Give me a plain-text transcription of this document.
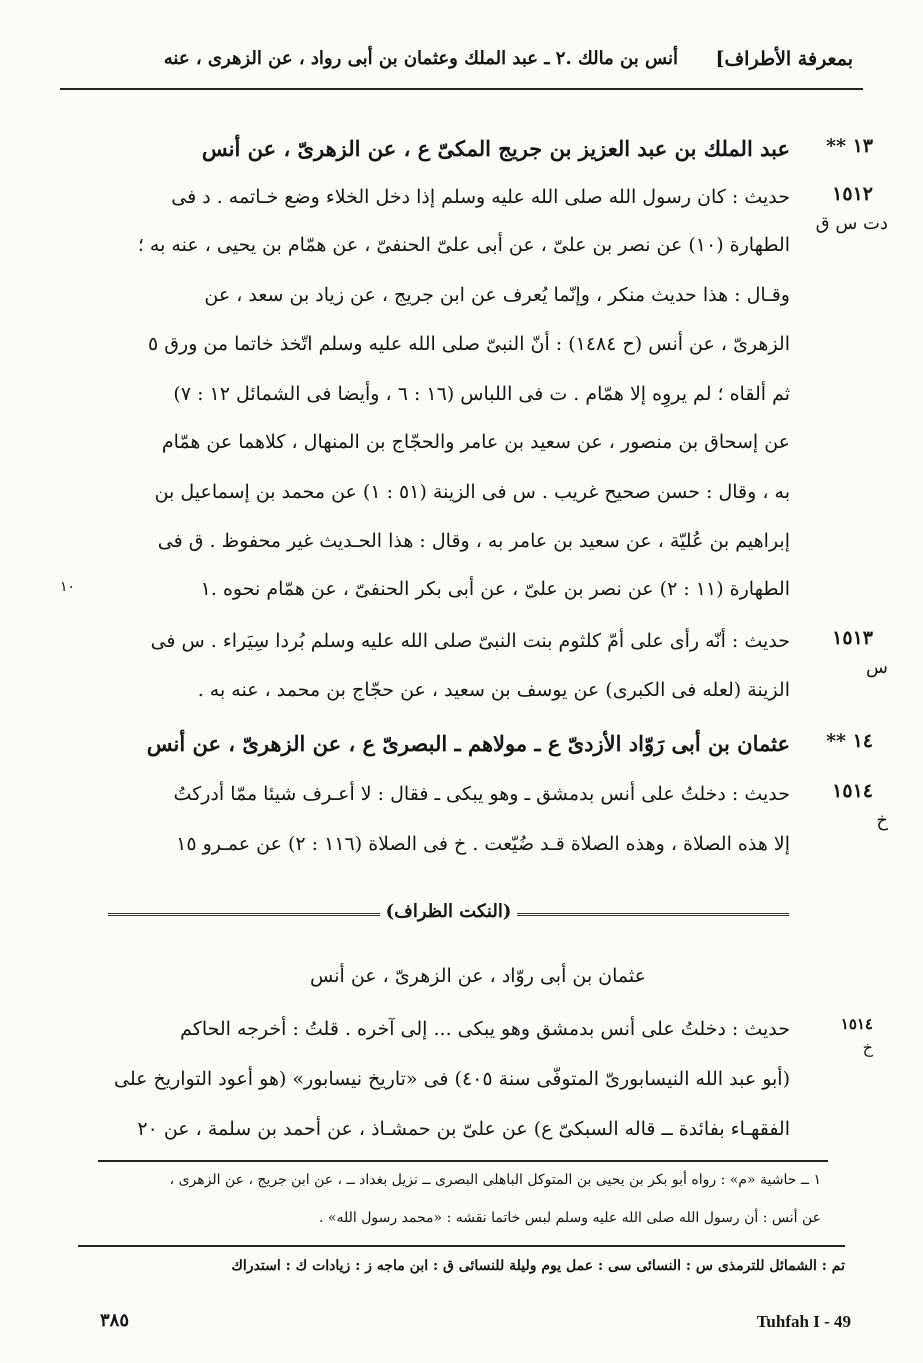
بمعرفة الأطراف]
أنس بن مالك .٢ ـ عبد الملك وعثمان بن أبى رواد ، عن الزهرى ، عنه
١٣ **
عبد الملك بن عبد العزيز بن جريج المكىّ ع ، عن الزهرىّ ، عن أنس
١٥١٢
دت س ق
حديث : كان رسول الله صلى الله عليه وسلم إذا دخل الخلاء وضع خـاتمه . د فى
الطهارة (١٠) عن نصر بن علىّ ، عن أبى علىّ الحنفىّ ، عن همّام بن يحيى ، عنه به ؛
وقـال : هذا حديث منكر ، وإنّما يُعرف عن ابن جريج ، عن زياد بن سعد ، عن
الزهرىّ ، عن أنس (ح ١٤٨٤) : أنّ النبىّ صلى الله عليه وسلم اتّخذ خاتما من ورق ٥
ثم ألقاه ؛ لم يروِه إلا همّام . ت فى اللباس (١٦ : ٦ ، وأيضا فى الشمائل ١٢ : ٧)
عن إسحاق بن منصور ، عن سعيد بن عامر والحجّاج بن المنهال ، كلاهما عن همّام
به ، وقال : حسن صحيح غريب . س فى الزينة (٥١ : ١) عن محمد بن إسماعيل بن
إبراهيم بن عُليّة ، عن سعيد بن عامر به ، وقال : هذا الحـديث غير محفوظ . ق فى
الطهارة (١١ : ٢) عن نصر بن علىّ ، عن أبى بكر الحنفىّ ، عن همّام نحوه .١
١٠
١٥١٣
س
حديث : أنّه رأى على أمّ كلثوم بنت النبىّ صلى الله عليه وسلم بُردا سِيَراء . س فى
الزينة (لعله فى الكبرى) عن يوسف بن سعيد ، عن حجّاج بن محمد ، عنه به .
١٤ **
عثمان بن أبى رَوّاد الأزدىّ ع ـ مولاهم ـ البصرىّ ع ، عن الزهرىّ ، عن أنس
١٥١٤
خ
حديث : دخلتُ على أنس بدمشق ـ وهو يبكى ـ فقال : لا أعـرف شيئا ممّا أدركتُ
إلا هذه الصلاة ، وهذه الصلاة قـد ضُيّعت . خ فى الصلاة (١١٦ : ٢) عن عمـرو ١٥
(النكت الظراف)
عثمان بن أبى روّاد ، عن الزهرىّ ، عن أنس
١٥١٤
خ
حديث : دخلتُ على أنس بدمشق وهو يبكى ... إلى آخره . قلتُ : أخرجه الحاكم
(أبو عبد الله النيسابورىّ المتوفّى سنة ٤٠٥) فى «تاريخ نيسابور» (هو أعود التواريخ على
الفقهـاء بفائدة ــ قاله السبكىّ ع) عن علىّ بن حمشـاذ ، عن أحمد بن سلمة ، عن ٢٠
١ ــ حاشية «م» : رواه أبو بكر بن يحيى بن المتوكل الباهلى البصرى ــ نزيل بغداد ــ ، عن ابن جريج ، عن الزهرى ،
عن أنس : أن رسول الله صلى الله عليه وسلم لبس خاتما نقشه : «محمد رسول الله» .
تم : الشمائل للترمذى س : النسائى سى : عمل يوم وليلة للنسائى ق : ابن ماجه ز : زيادات ك : استدراك
٣٨٥	Tuhfah I - 49
